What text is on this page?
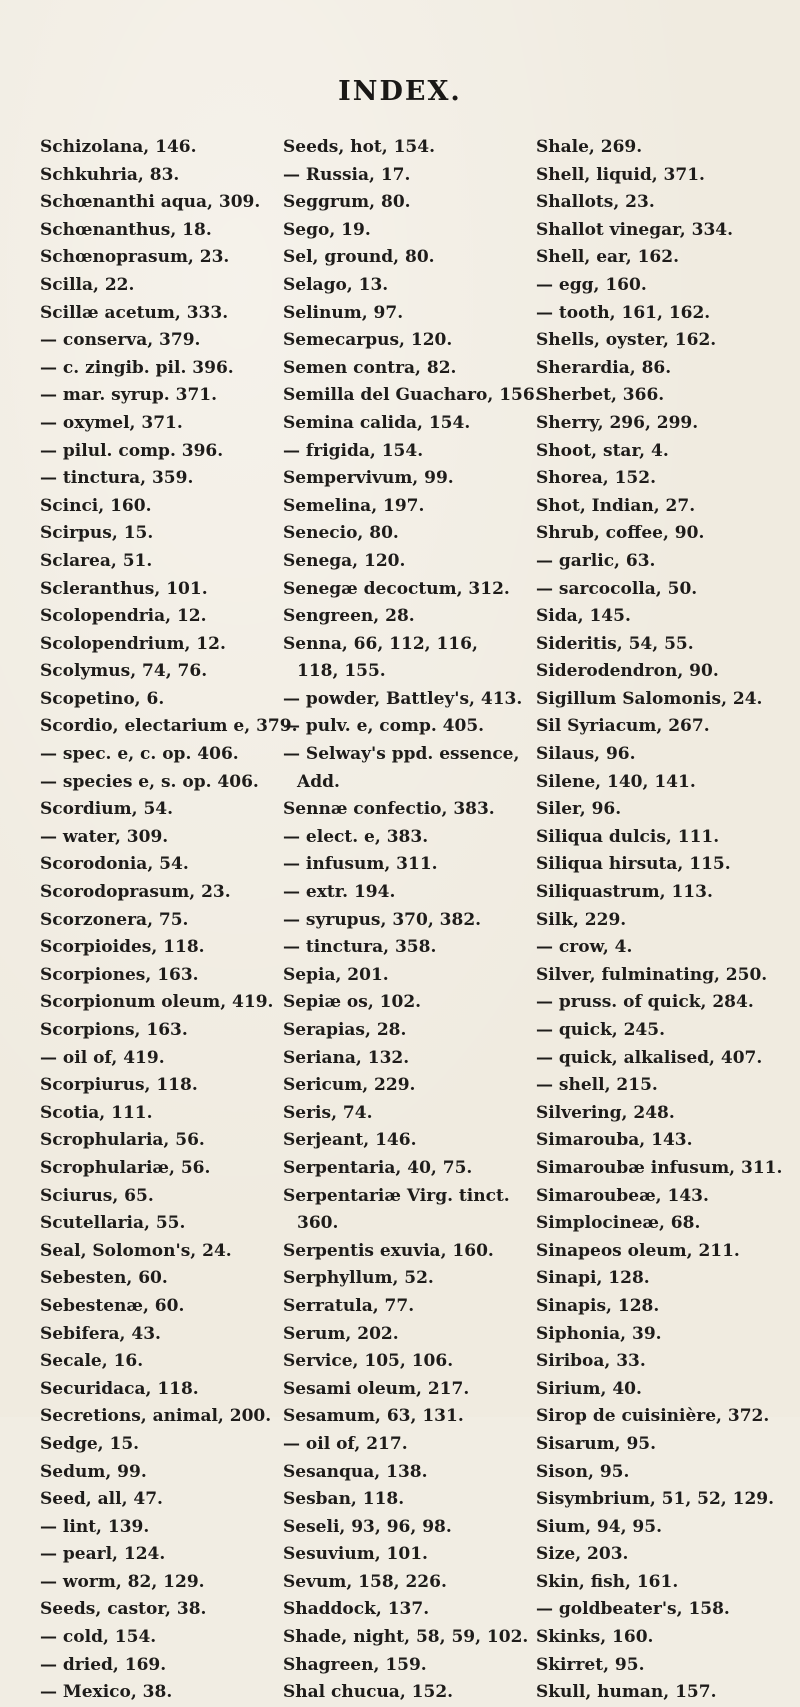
INDEX.
Schizolana, 146.
Schkuhria, 83.
Schœnanthi aqua, 309.
Schœnanthus, 18.
Schœnoprasum, 23.
Scilla, 22.
Scillæ acetum, 333.
— conserva, 379.
— c. zingib. pil. 396.
— mar. syrup. 371.
— oxymel, 371.
— pilul. comp. 396.
— tinctura, 359.
Scinci, 160.
Scirpus, 15.
Sclarea, 51.
Scleranthus, 101.
Scolopendria, 12.
Scolopendrium, 12.
Scolymus, 74, 76.
Scopetino, 6.
Scordio, electarium e, 379.
— spec. e, c. op. 406.
— species e, s. op. 406.
Scordium, 54.
— water, 309.
Scorodonia, 54.
Scorodoprasum, 23.
Scorzonera, 75.
Scorpioides, 118.
Scorpiones, 163.
Scorpionum oleum, 419.
Scorpions, 163.
— oil of, 419.
Scorpiurus, 118.
Scotia, 111.
Scrophularia, 56.
Scrophulariæ, 56.
Sciurus, 65.
Scutellaria, 55.
Seal, Solomon's, 24.
Sebesten, 60.
Sebestenæ, 60.
Sebifera, 43.
Secale, 16.
Securidaca, 118.
Secretions, animal, 200.
Sedge, 15.
Sedum, 99.
Seed, all, 47.
— lint, 139.
— pearl, 124.
— worm, 82, 129.
Seeds, castor, 38.
— cold, 154.
— dried, 169.
— Mexico, 38.
Seeds, hot, 154.
— Russia, 17.
Seggrum, 80.
Sego, 19.
Sel, ground, 80.
Selago, 13.
Selinum, 97.
Semecarpus, 120.
Semen contra, 82.
Semilla del Guacharo, 156.
Semina calida, 154.
— frigida, 154.
Sempervivum, 99.
Semelina, 197.
Senecio, 80.
Senega, 120.
Senegæ decoctum, 312.
Sengreen, 28.
Senna, 66, 112, 116,
118, 155.
— powder, Battley's, 413.
— pulv. e, comp. 405.
— Selway's ppd. essence,
Add.
Sennæ confectio, 383.
— elect. e, 383.
— infusum, 311.
— extr. 194.
— syrupus, 370, 382.
— tinctura, 358.
Sepia, 201.
Sepiæ os, 102.
Serapias, 28.
Seriana, 132.
Sericum, 229.
Seris, 74.
Serjeant, 146.
Serpentaria, 40, 75.
Serpentariæ Virg. tinct.
360.
Serpentis exuvia, 160.
Serphyllum, 52.
Serratula, 77.
Serum, 202.
Service, 105, 106.
Sesami oleum, 217.
Sesamum, 63, 131.
— oil of, 217.
Sesanqua, 138.
Sesban, 118.
Seseli, 93, 96, 98.
Sesuvium, 101.
Sevum, 158, 226.
Shaddock, 137.
Shade, night, 58, 59, 102.
Shagreen, 159.
Shal chucua, 152.
Shale, 269.
Shell, liquid, 371.
Shallots, 23.
Shallot vinegar, 334.
Shell, ear, 162.
— egg, 160.
— tooth, 161, 162.
Shells, oyster, 162.
Sherardia, 86.
Sherbet, 366.
Sherry, 296, 299.
Shoot, star, 4.
Shorea, 152.
Shot, Indian, 27.
Shrub, coffee, 90.
— garlic, 63.
— sarcocolla, 50.
Sida, 145.
Sideritis, 54, 55.
Siderodendron, 90.
Sigillum Salomonis, 24.
Sil Syriacum, 267.
Silaus, 96.
Silene, 140, 141.
Siler, 96.
Siliqua dulcis, 111.
Siliqua hirsuta, 115.
Siliquastrum, 113.
Silk, 229.
— crow, 4.
Silver, fulminating, 250.
— pruss. of quick, 284.
— quick, 245.
— quick, alkalised, 407.
— shell, 215.
Silvering, 248.
Simarouba, 143.
Simaroubæ infusum, 311.
Simaroubeæ, 143.
Simplocineæ, 68.
Sinapeos oleum, 211.
Sinapi, 128.
Sinapis, 128.
Siphonia, 39.
Siriboa, 33.
Sirium, 40.
Sirop de cuisinière, 372.
Sisarum, 95.
Sison, 95.
Sisymbrium, 51, 52, 129.
Sium, 94, 95.
Size, 203.
Skin, fish, 161.
— goldbeater's, 158.
Skinks, 160.
Skirret, 95.
Skull, human, 157.
